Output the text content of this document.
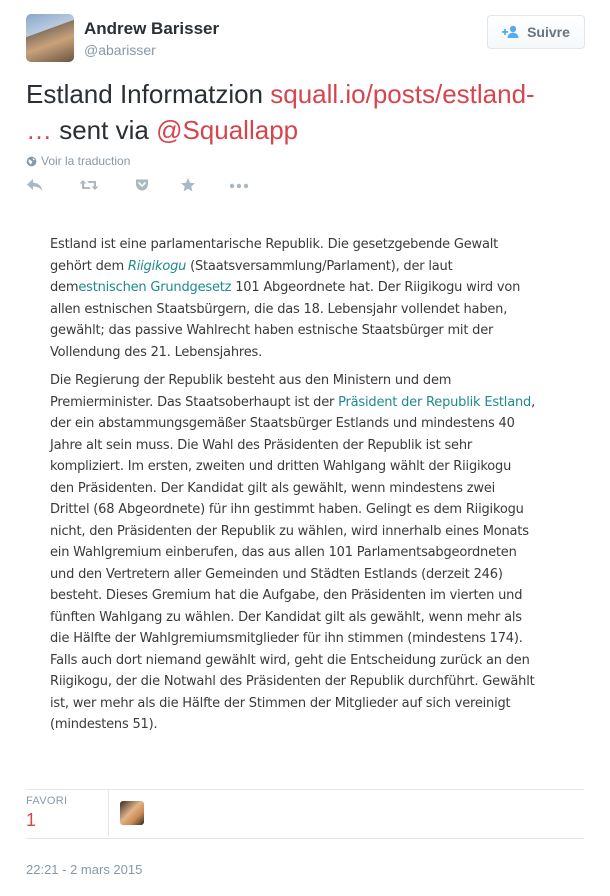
Andrew Barisser
@abarisser
Suivre
Estland Informatzion squall.io/posts/estland-
… sent via @Squallapp
Voir la traduction
Estland ist eine parlamentarische Republik. Die gesetzgebende Gewalt gehört dem Riigikogu (Staatsversammlung/Parlament), der laut demestnischen Grundgesetz 101 Abgeordnete hat. Der Riigikogu wird von allen estnischen Staatsbürgern, die das 18. Lebensjahr vollendet haben, gewählt; das passive Wahlrecht haben estnische Staatsbürger mit der Vollendung des 21. Lebensjahres.
Die Regierung der Republik besteht aus den Ministern und dem Premierminister. Das Staatsoberhaupt ist der Präsident der Republik Estland, der ein abstammungsgemäßer Staatsbürger Estlands und mindestens 40 Jahre alt sein muss. Die Wahl des Präsidenten der Republik ist sehr kompliziert. Im ersten, zweiten und dritten Wahlgang wählt der Riigikogu den Präsidenten. Der Kandidat gilt als gewählt, wenn mindestens zwei Drittel (68 Abgeordnete) für ihn gestimmt haben. Gelingt es dem Riigikogu nicht, den Präsidenten der Republik zu wählen, wird innerhalb eines Monats ein Wahlgremium einberufen, das aus allen 101 Parlamentsabgeordneten und den Vertretern aller Gemeinden und Städten Estlands (derzeit 246) besteht. Dieses Gremium hat die Aufgabe, den Präsidenten im vierten und fünften Wahlgang zu wählen. Der Kandidat gilt als gewählt, wenn mehr als die Hälfte der Wahlgremiumsmitglieder für ihn stimmen (mindestens 174). Falls auch dort niemand gewählt wird, geht die Entscheidung zurück an den Riigikogu, der die Notwahl des Präsidenten der Republik durchführt. Gewählt ist, wer mehr als die Hälfte der Stimmen der Mitglieder auf sich vereinigt (mindestens 51).
FAVORI
1
22:21 - 2 mars 2015
